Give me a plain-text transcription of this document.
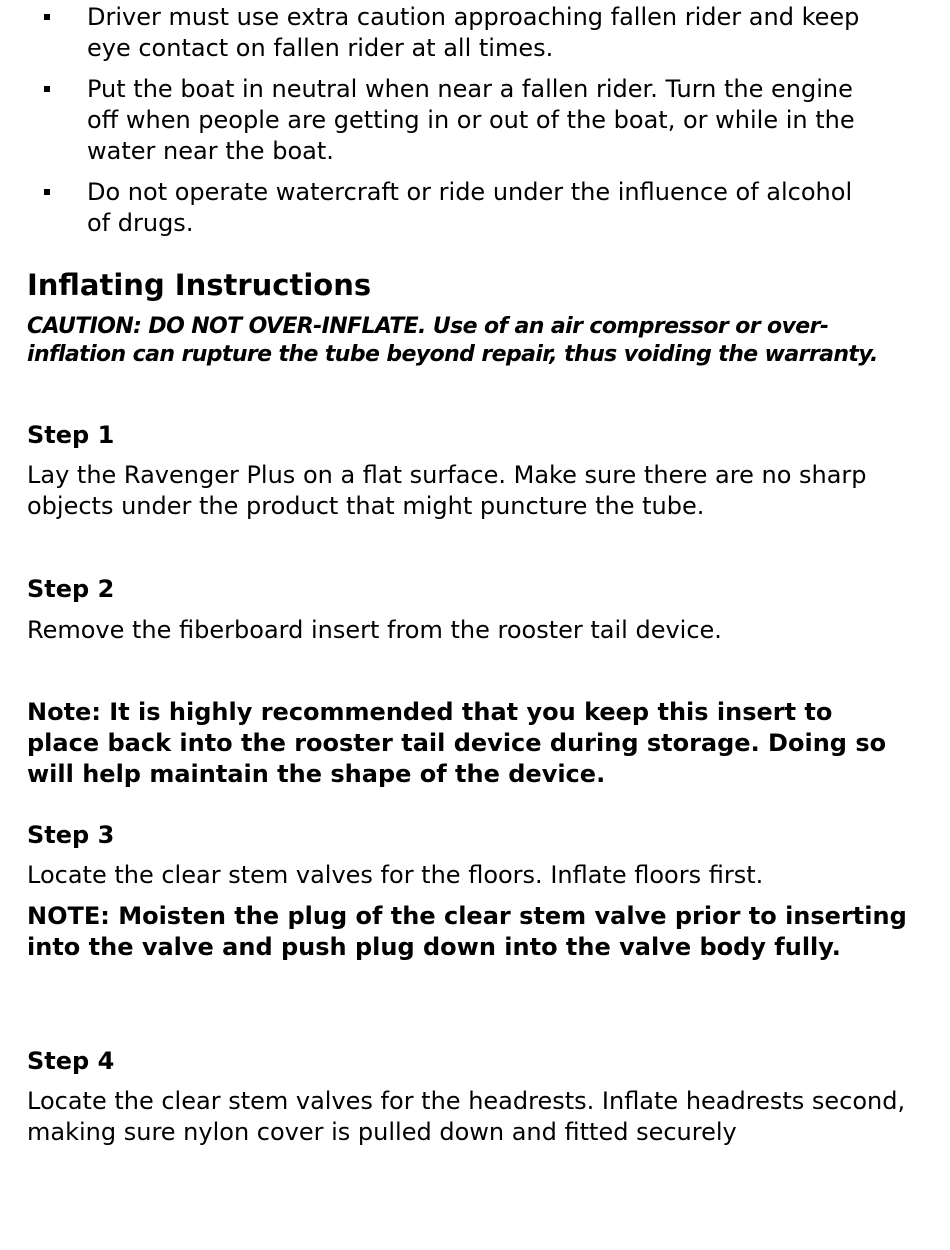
Driver must use extra caution approaching fallen rider and keep eye contact on fallen rider at all times.
Put the boat in neutral when near a fallen rider. Turn the engine off when people are getting in or out of the boat, or while in the water near the boat.
Do not operate watercraft or ride under the influence of alcohol of drugs.
Inflating Instructions
CAUTION: DO NOT OVER-INFLATE. Use of an air compressor or over-inflation can rupture the tube beyond repair, thus voiding the warranty.
Step 1
Lay the Ravenger Plus on a flat surface. Make sure there are no sharp objects under the product that might puncture the tube.
Step 2
Remove the fiberboard insert from the rooster tail device.
Note: It is highly recommended that you keep this insert to place back into the rooster tail device during storage. Doing so will help maintain the shape of the device.
Step 3
Locate the clear stem valves for the floors. Inflate floors first.
NOTE: Moisten the plug of the clear stem valve prior to inserting into the valve and push plug down into the valve body fully.
Step 4
Locate the clear stem valves for the headrests. Inflate headrests second, making sure nylon cover is pulled down and fitted securely
